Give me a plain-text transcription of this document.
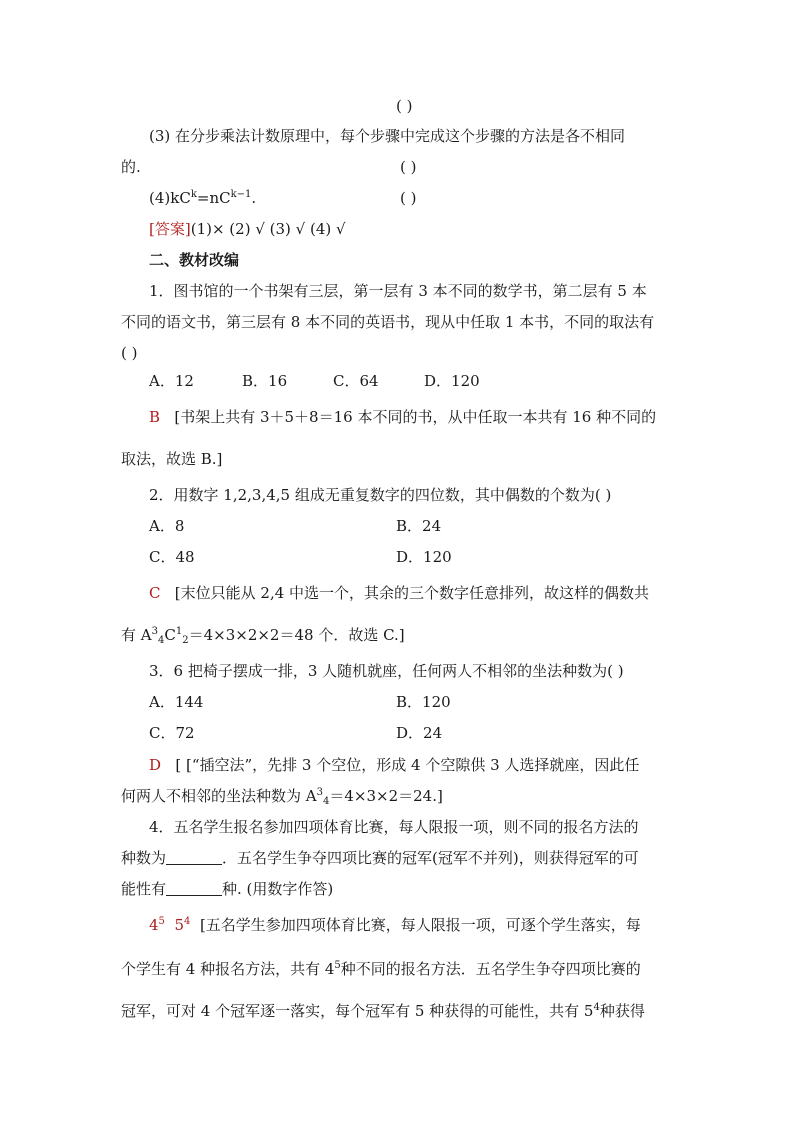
( )
(3) 在分步乘法计数原理中，每个步骤中完成这个步骤的方法是各不相同
的.	( )
$(4)kC^k=nC^{k-1}$.	( )
[答案](1)× (2) √ (3) √ (4) √
二、教材改编
1．图书馆的一个书架有三层，第一层有 3 本不同的数学书，第二层有 5 本
不同的语文书，第三层有 8 本不同的英语书，现从中任取 1 本书，不同的取法有
( )
A．12	B．16	C．64	D．120
B [书架上共有 3＋5＋8＝16 本不同的书，从中任取一本共有 16 种不同的
取法，故选 B.]
2．用数字 1,2,3,4,5 组成无重复数字的四位数，其中偶数的个数为( )
A．8	B．24
C．48	D．120
C [末位只能从 2,4 中选一个，其余的三个数字任意排列，故这样的偶数共
有 $A^3_4C^1_2=4\times 3\times 2\times 2=48$ 个．故选 C.]
3．6 把椅子摆成一排，3 人随机就座，任何两人不相邻的坐法种数为( )
A．144	B．120
C．72	D．24
D [ [“插空法”，先排 3 个空位，形成 4 个空隙供 3 人选择就座，因此任
何两人不相邻的坐法种数为 $A^3_4=4\times 3\times 2=24$.]
4．五名学生报名参加四项体育比赛，每人限报一项，则不同的报名方法的
种数为	．五名学生争夺四项比赛的冠军(冠军不并列)，则获得冠军的可
能性有	种. (用数字作答)
$4^5$ $5^4$ [五名学生参加四项体育比赛，每人限报一项，可逐个学生落实，每
个学生有 4 种报名方法，共有 $4^5$种不同的报名方法．五名学生争夺四项比赛的
冠军，可对 4 个冠军逐一落实，每个冠军有 5 种获得的可能性，共有 $5^4$种获得
